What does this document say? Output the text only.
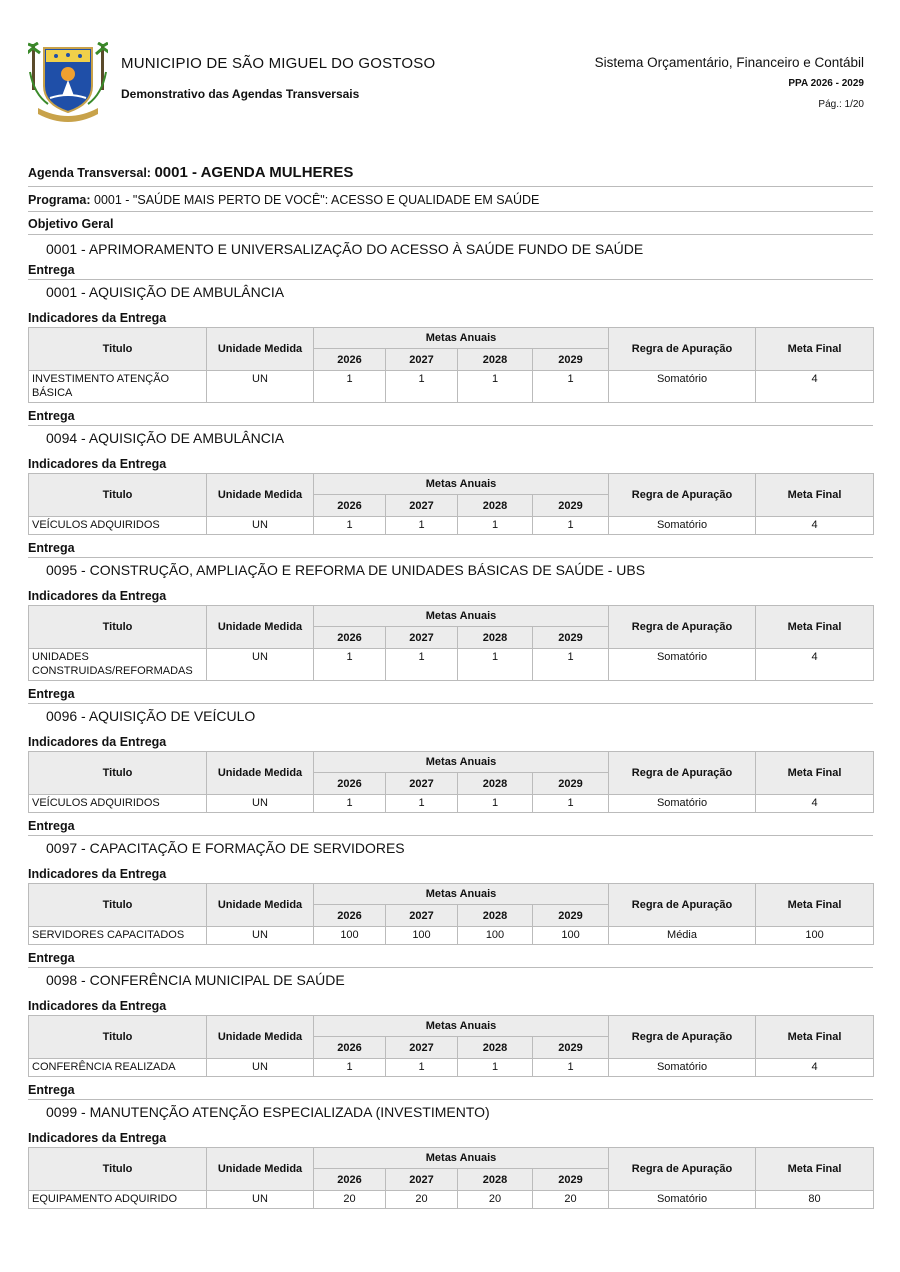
MUNICIPIO DE SÃO MIGUEL DO GOSTOSO
Demonstrativo das Agendas Transversais
Sistema Orçamentário, Financeiro e Contábil
PPA 2026 - 2029
Pág.: 1/20
Agenda Transversal: 0001 - AGENDA MULHERES
Programa: 0001 - "SAÚDE MAIS PERTO DE VOCÊ": ACESSO E QUALIDADE EM SAÚDE
Objetivo Geral
0001 - APRIMORAMENTO E UNIVERSALIZAÇÃO DO ACESSO À SAÚDE FUNDO DE SAÚDE
Entrega
0001 - AQUISIÇÃO DE AMBULÂNCIA
Indicadores da Entrega
Titulo	Unidade Medida	Metas Anuais				Regra de Apuração	Meta Final
		2026	2027	2028	2029		
INVESTIMENTO ATENÇÃO BÁSICA	UN	1	1	1	1	Somatório	4
Entrega
0094 - AQUISIÇÃO DE AMBULÂNCIA
Indicadores da Entrega
Titulo	Unidade Medida	Metas Anuais				Regra de Apuração	Meta Final
		2026	2027	2028	2029		
VEÍCULOS ADQUIRIDOS	UN	1	1	1	1	Somatório	4
Entrega
0095 - CONSTRUÇÃO, AMPLIAÇÃO E REFORMA DE UNIDADES BÁSICAS DE SAÚDE - UBS
Indicadores da Entrega
Titulo	Unidade Medida	Metas Anuais				Regra de Apuração	Meta Final
		2026	2027	2028	2029		
UNIDADES CONSTRUIDAS/REFORMADAS	UN	1	1	1	1	Somatório	4
Entrega
0096 - AQUISIÇÃO DE VEÍCULO
Indicadores da Entrega
Titulo	Unidade Medida	Metas Anuais				Regra de Apuração	Meta Final
		2026	2027	2028	2029		
VEÍCULOS ADQUIRIDOS	UN	1	1	1	1	Somatório	4
Entrega
0097 - CAPACITAÇÃO E FORMAÇÃO DE SERVIDORES
Indicadores da Entrega
Titulo	Unidade Medida	Metas Anuais				Regra de Apuração	Meta Final
		2026	2027	2028	2029		
SERVIDORES CAPACITADOS	UN	100	100	100	100	Média	100
Entrega
0098 - CONFERÊNCIA MUNICIPAL DE SAÚDE
Indicadores da Entrega
Titulo	Unidade Medida	Metas Anuais				Regra de Apuração	Meta Final
		2026	2027	2028	2029		
CONFERÊNCIA REALIZADA	UN	1	1	1	1	Somatório	4
Entrega
0099 - MANUTENÇÃO ATENÇÃO ESPECIALIZADA (INVESTIMENTO)
Indicadores da Entrega
Titulo	Unidade Medida	Metas Anuais				Regra de Apuração	Meta Final
		2026	2027	2028	2029		
EQUIPAMENTO ADQUIRIDO	UN	20	20	20	20	Somatório	80
